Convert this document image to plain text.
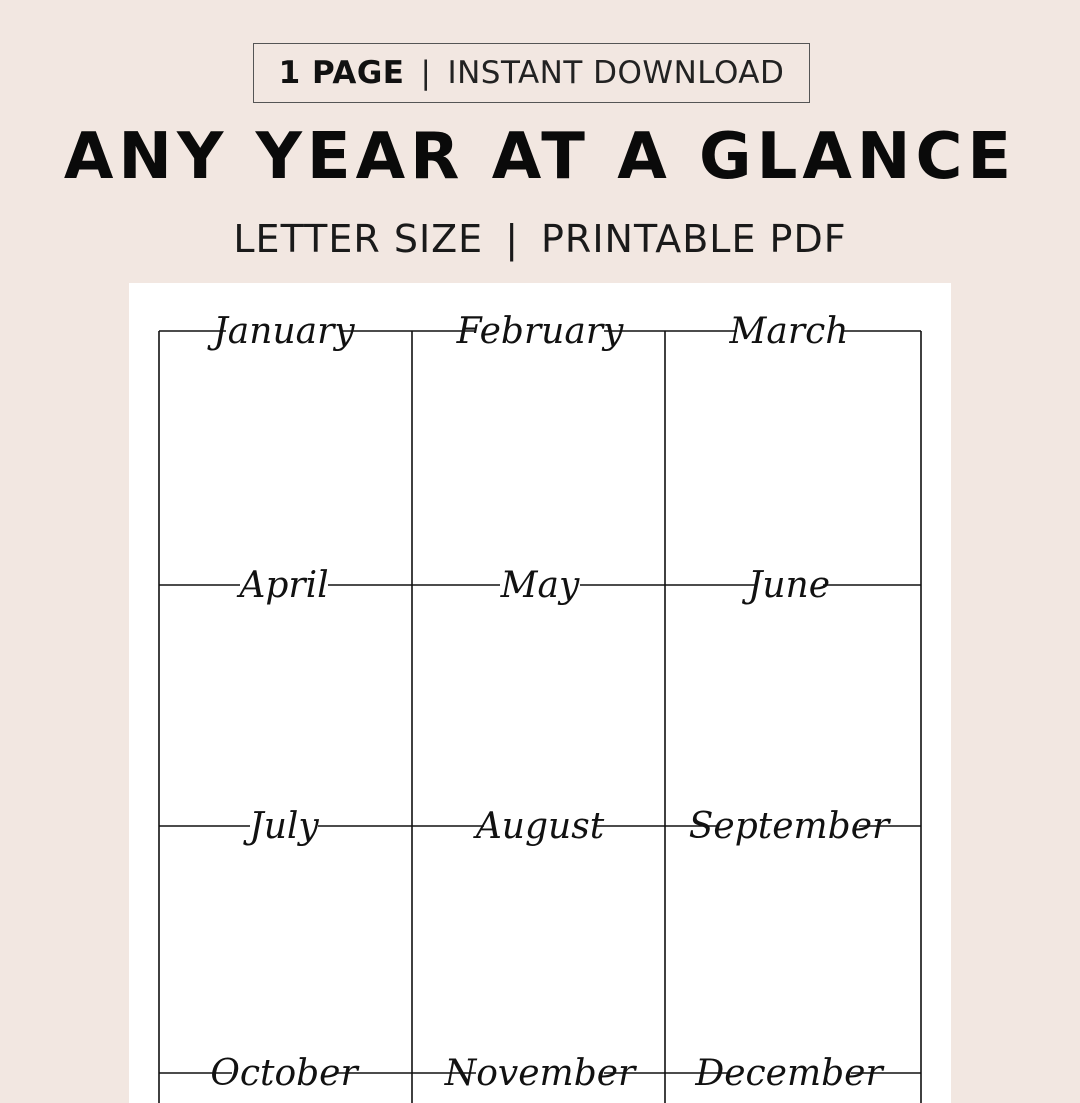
1 PAGE | INSTANT DOWNLOAD
ANY YEAR AT A GLANCE
LETTER SIZE | PRINTABLE PDF
January	February	March
April	May	June
July	August September
October November December
